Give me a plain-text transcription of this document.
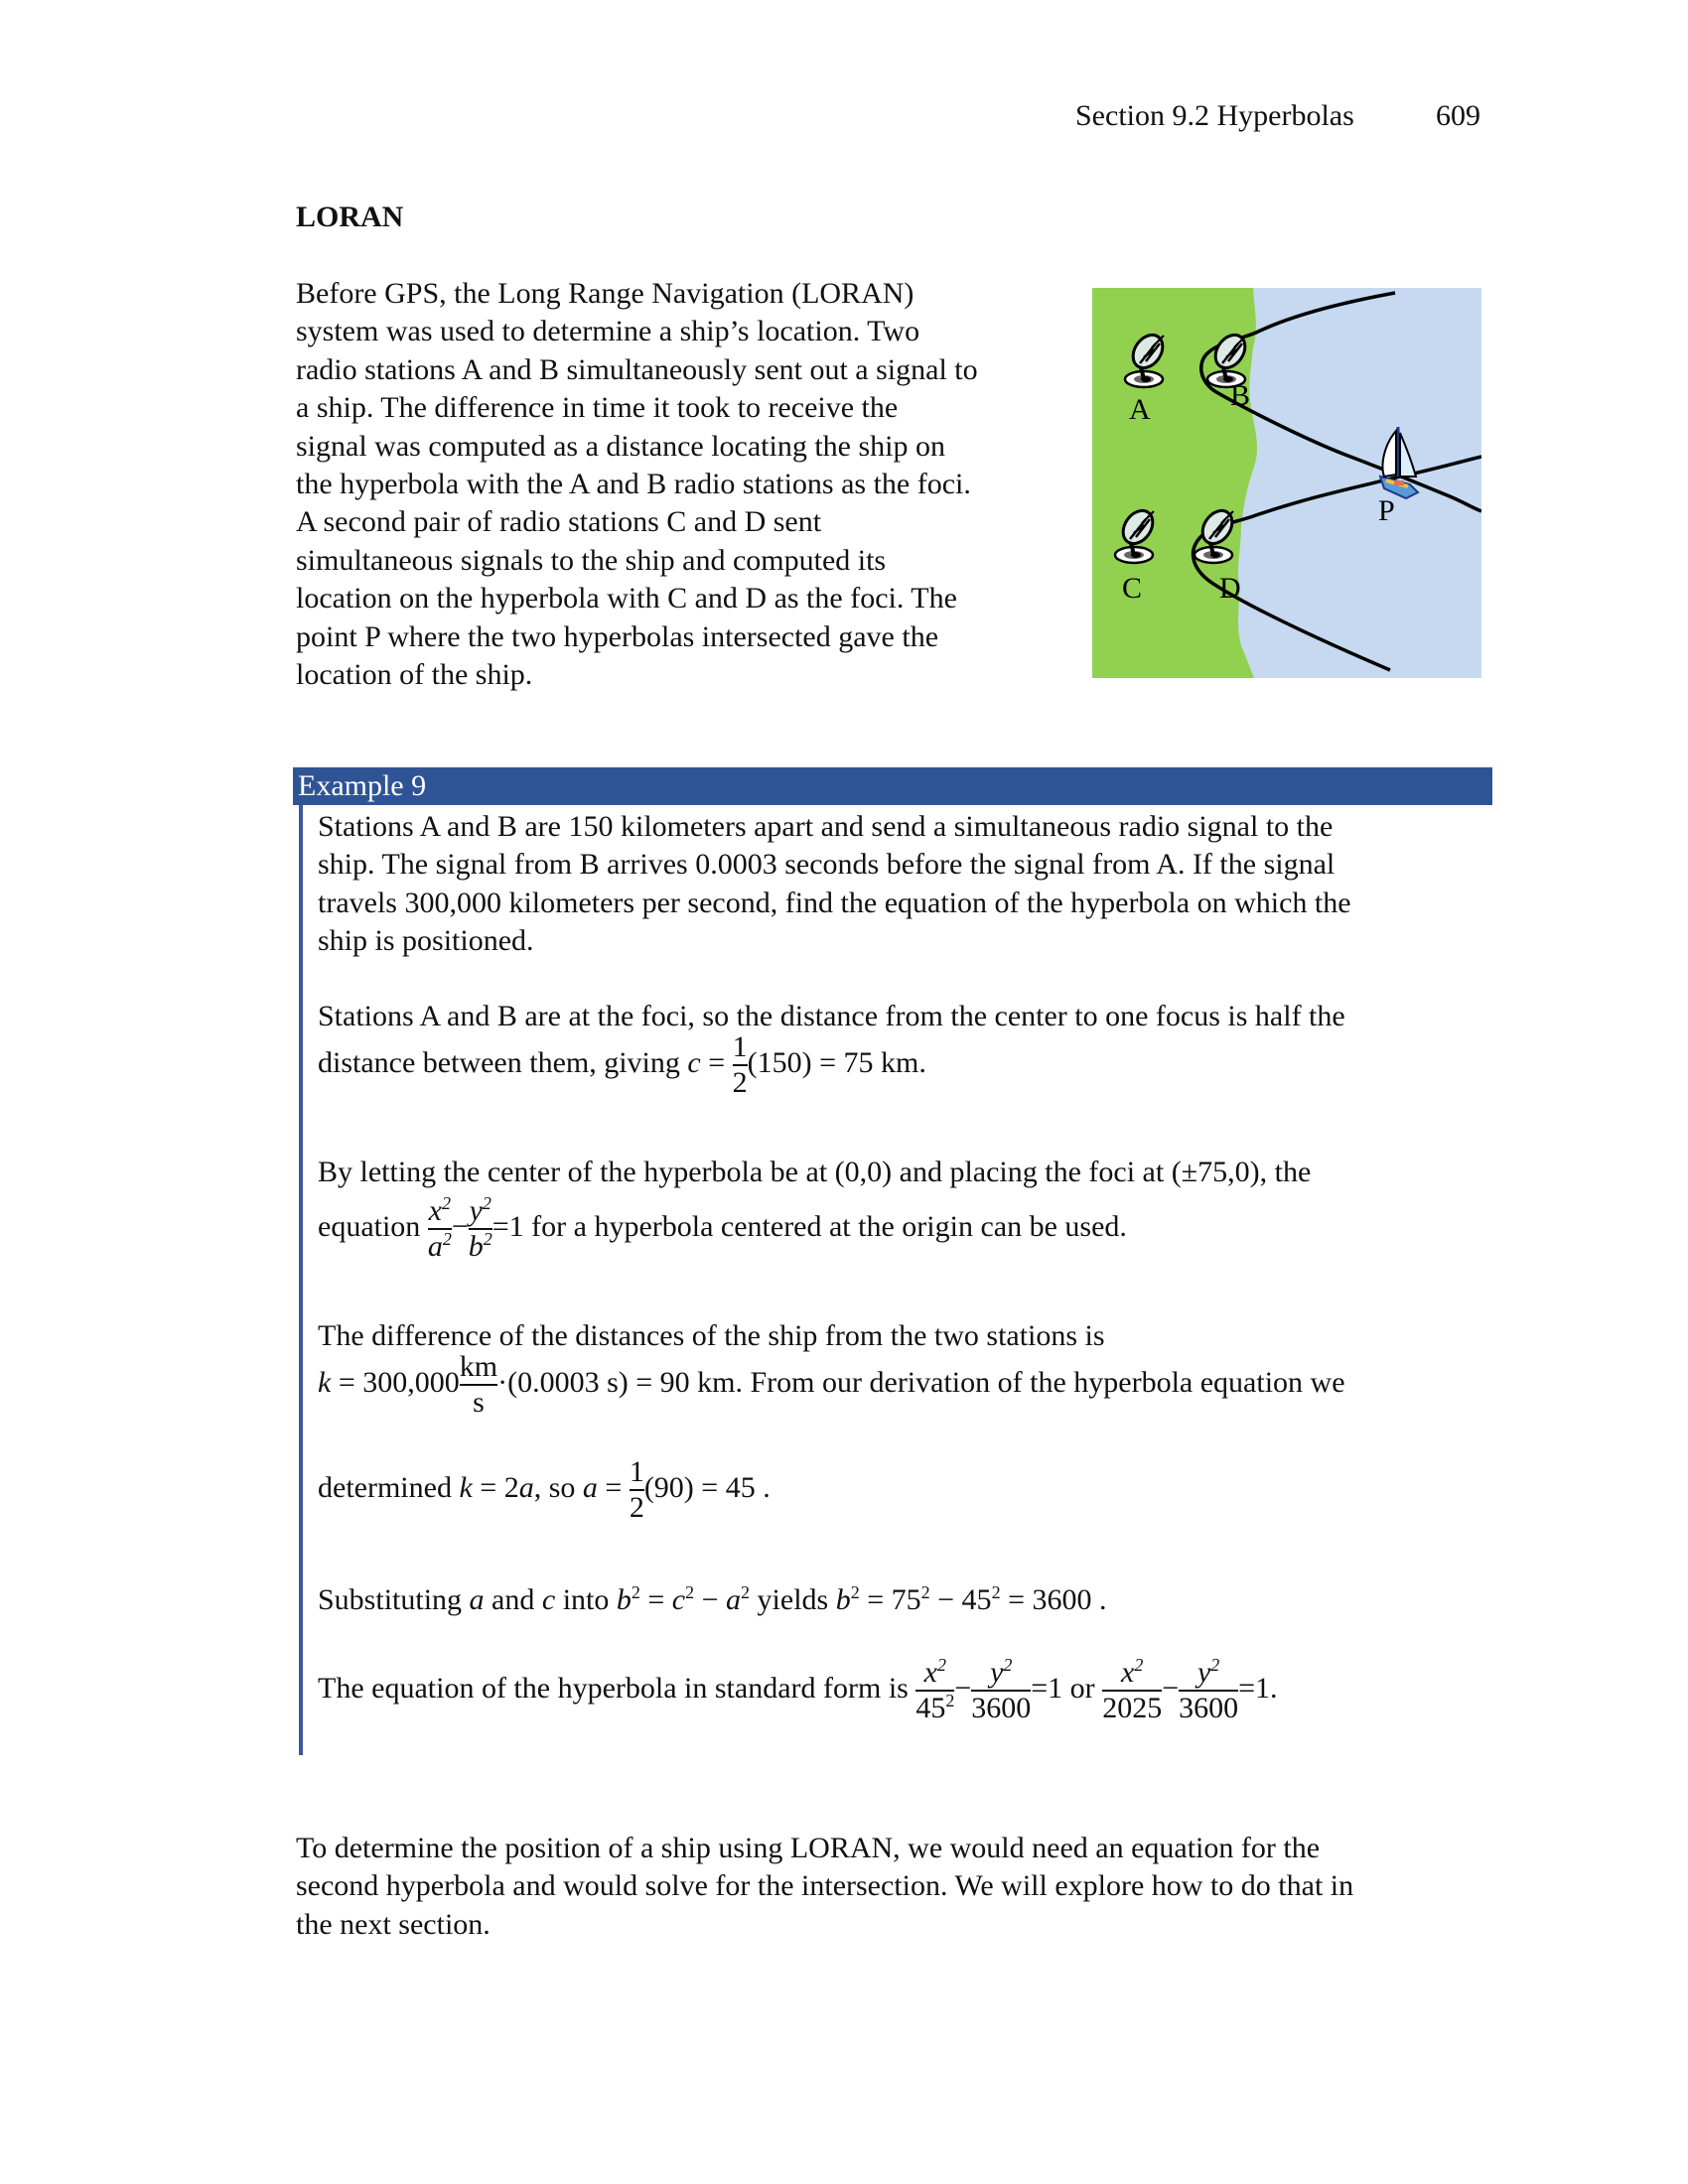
Section 9.2 Hyperbolas	609
LORAN
Before GPS, the Long Range Navigation (LORAN)
system was used to determine a ship’s location. Two
radio stations A and B simultaneously sent out a signal to
a ship. The difference in time it took to receive the
signal was computed as a distance locating the ship on
the hyperbola with the A and B radio stations as the foci.
A second pair of radio stations C and D sent
simultaneous signals to the ship and computed its
location on the hyperbola with C and D as the foci. The
point P where the two hyperbolas intersected gave the
location of the ship.
A	B
C	D
P
Example 9
Stations A and B are 150 kilometers apart and send a simultaneous radio signal to the
ship. The signal from B arrives 0.0003 seconds before the signal from A. If the signal
travels 300,000 kilometers per second, find the equation of the hyperbola on which the
ship is positioned.
Stations A and B are at the foci, so the distance from the center to one focus is half the
distance between them, giving $c = \frac{1}{2} (150) = 75$ km.
By letting the center of the hyperbola be at (0,0) and placing the foci at (±75,0), the
equation $\frac{x^2}{a^2} - \frac{y^2}{b^2} =1$ for a hyperbola centered at the origin can be used.
The difference of the distances of the ship from the two stations is
$k = 300,000 \frac{km}{s} \cdot(0.0003$ s) = 90 km. From our derivation of the hyperbola equation we
determined k = 2a, so $a = \frac{1}{2} (90) = 45$ .
Substituting a and c into $b^2 = c^2 - a^2$ yields $b^2 = 75^2 - 45^2 = 3600$ .
The equation of the hyperbola in standard form is $\frac{x^2}{45^2} - \frac{y^2}{3600} =1$ or $\frac{x^2}{2025} - \frac{y^2}{3600} =1$.
To determine the position of a ship using LORAN, we would need an equation for the
second hyperbola and would solve for the intersection. We will explore how to do that in
the next section.
